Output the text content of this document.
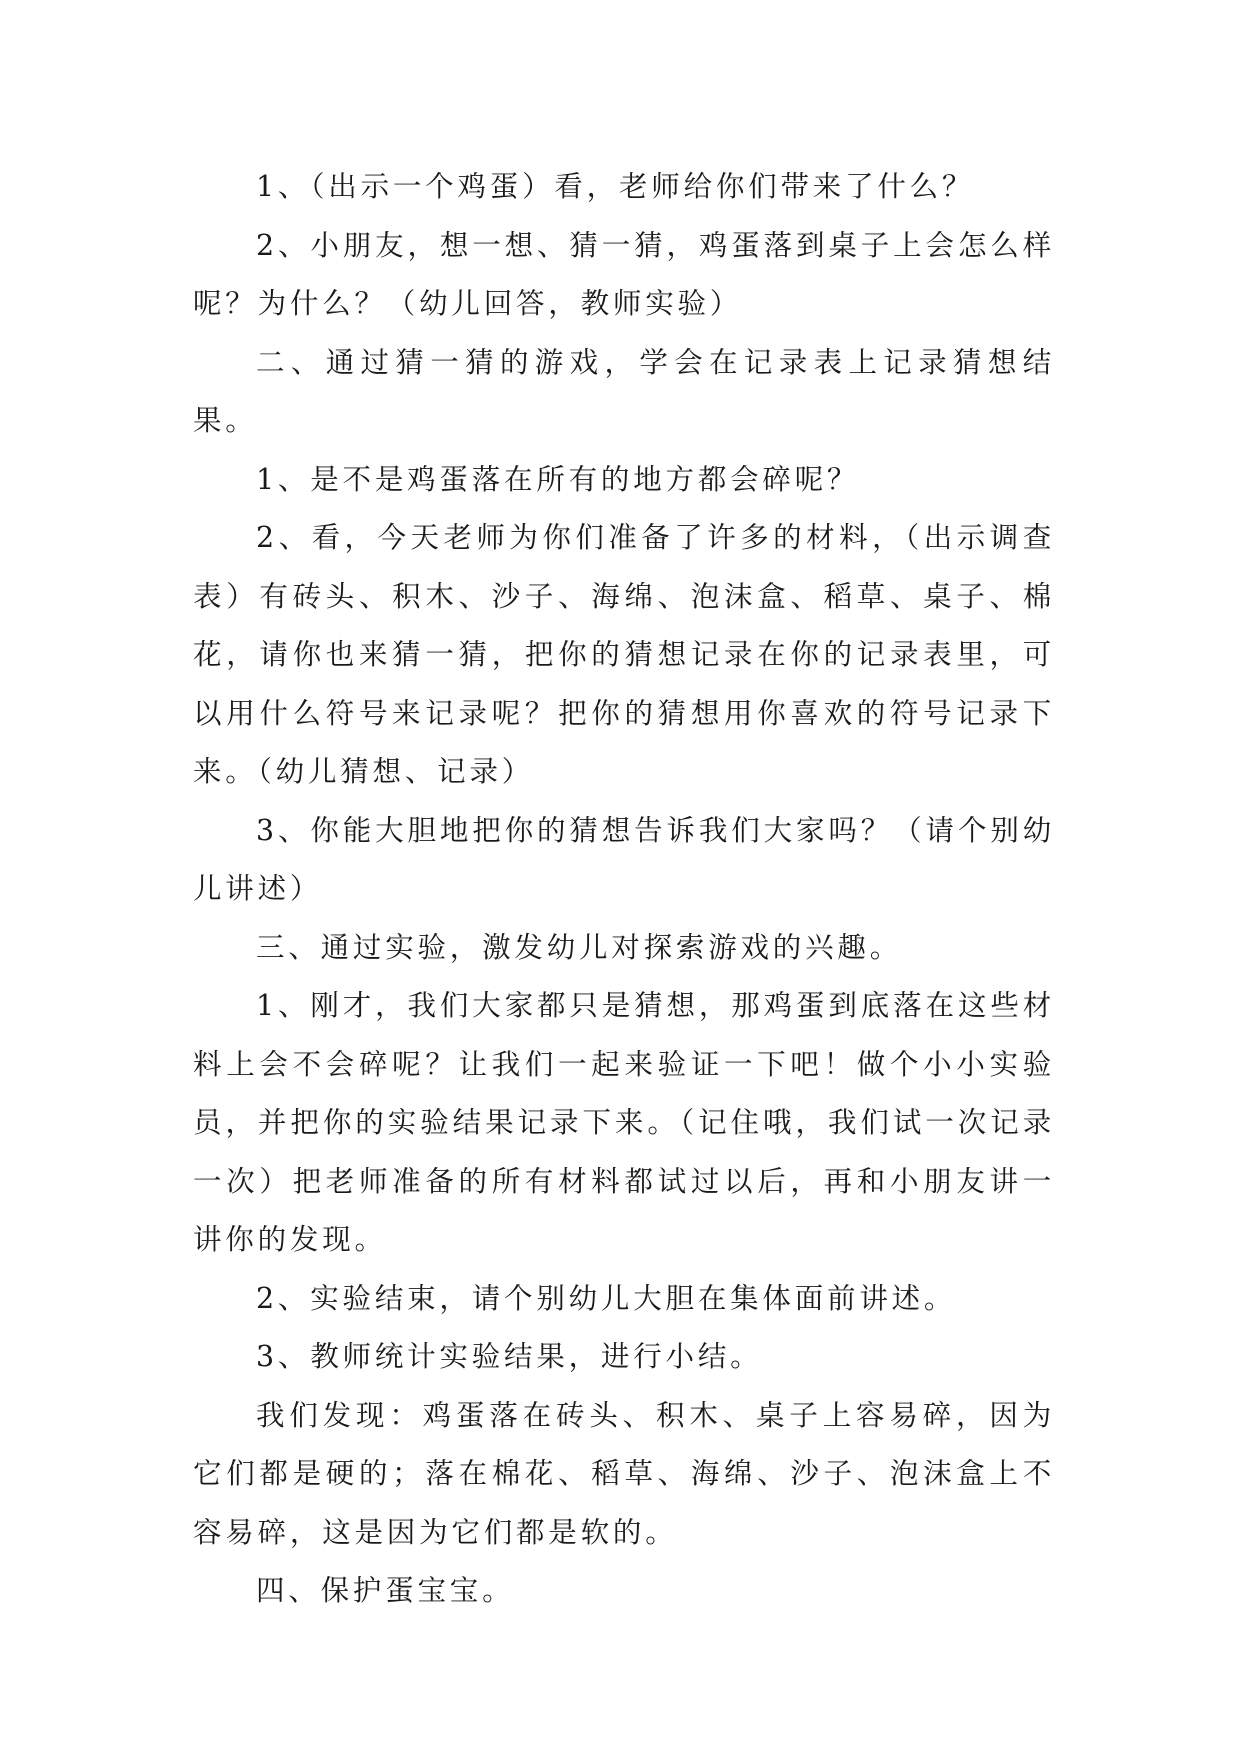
1、（出示一个鸡蛋）看，老师给你们带来了什么？

2、小朋友，想一想、猜一猜，鸡蛋落到桌子上会怎么样呢？为什么？（幼儿回答，教师实验）

二、通过猜一猜的游戏，学会在记录表上记录猜想结果。

1、是不是鸡蛋落在所有的地方都会碎呢？

2、看，今天老师为你们准备了许多的材料，（出示调查表）有砖头、积木、沙子、海绵、泡沫盒、稻草、桌子、棉花，请你也来猜一猜，把你的猜想记录在你的记录表里，可以用什么符号来记录呢？把你的猜想用你喜欢的符号记录下来。（幼儿猜想、记录）

3、你能大胆地把你的猜想告诉我们大家吗？（请个别幼儿讲述）

三、通过实验，激发幼儿对探索游戏的兴趣。

1、刚才，我们大家都只是猜想，那鸡蛋到底落在这些材料上会不会碎呢？让我们一起来验证一下吧！做个小小实验员，并把你的实验结果记录下来。（记住哦，我们试一次记录一次）把老师准备的所有材料都试过以后，再和小朋友讲一讲你的发现。

2、实验结束，请个别幼儿大胆在集体面前讲述。

3、教师统计实验结果，进行小结。

我们发现：鸡蛋落在砖头、积木、桌子上容易碎，因为它们都是硬的；落在棉花、稻草、海绵、沙子、泡沫盒上不容易碎，这是因为它们都是软的。

四、保护蛋宝宝。
